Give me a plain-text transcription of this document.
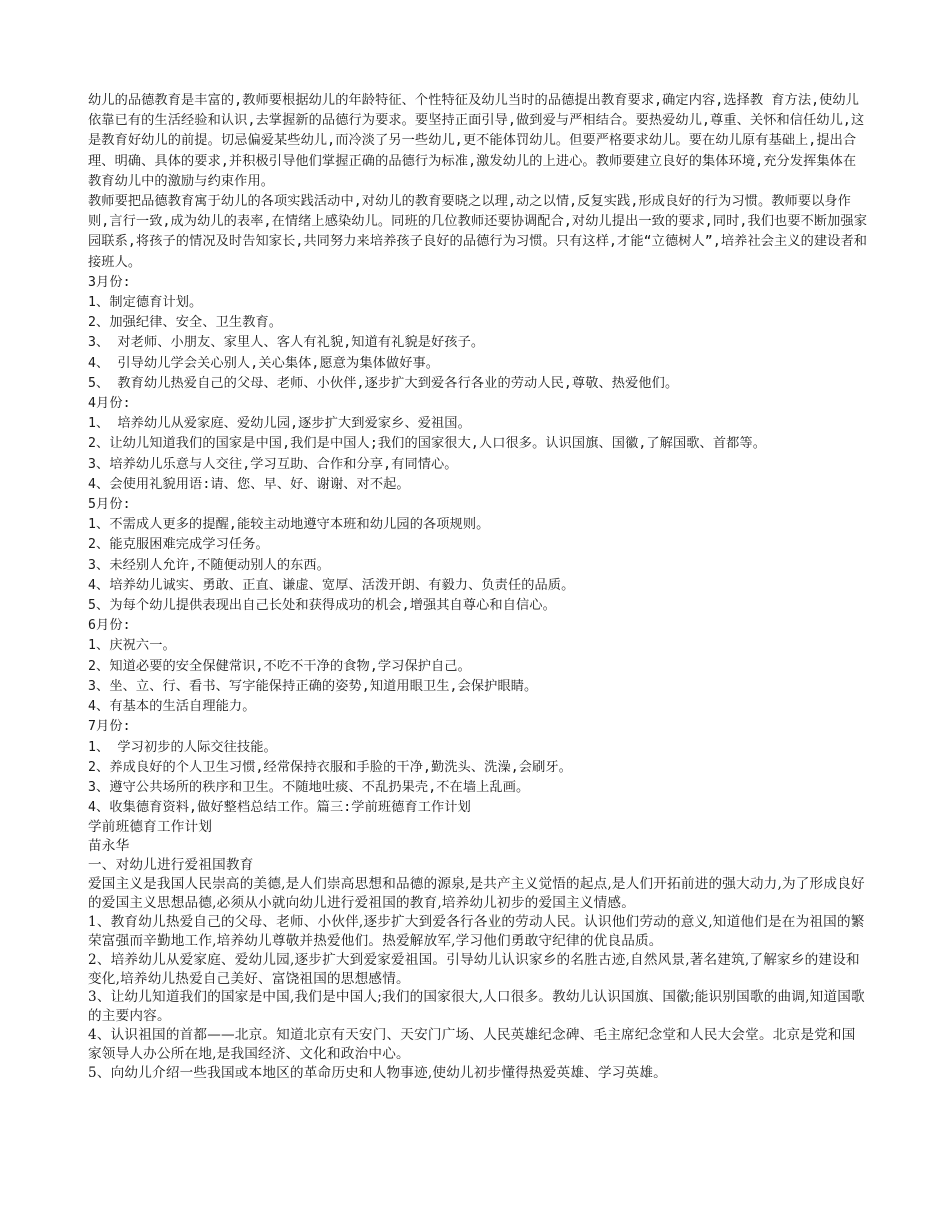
幼儿的品德教育是丰富的,教师要根据幼儿的年龄特征、个性特征及幼儿当时的品德提出教育要求,确定内容,选择教 育方法,使幼儿依靠已有的生活经验和认识,去掌握新的品德行为要求。要坚持正面引导,做到爱与严相结合。要热爱幼儿,尊重、关怀和信任幼儿,这是教育好幼儿的前提。切忌偏爱某些幼儿,而冷淡了另一些幼儿,更不能体罚幼儿。但要严格要求幼儿。要在幼儿原有基础上,提出合理、明确、具体的要求,并积极引导他们掌握正确的品德行为标准,激发幼儿的上进心。教师要建立良好的集体环境,充分发挥集体在教育幼儿中的激励与约束作用。

教师要把品德教育寓于幼儿的各项实践活动中,对幼儿的教育要晓之以理,动之以情,反复实践,形成良好的行为习惯。教师要以身作则,言行一致,成为幼儿的表率,在情绪上感染幼儿。同班的几位教师还要协调配合,对幼儿提出一致的要求,同时,我们也要不断加强家园联系,将孩子的情况及时告知家长,共同努力来培养孩子良好的品德行为习惯。只有这样,才能“立德树人”,培养社会主义的建设者和接班人。

3月份:

1、制定德育计划。

2、加强纪律、安全、卫生教育。

3、 对老师、小朋友、家里人、客人有礼貌,知道有礼貌是好孩子。

4、 引导幼儿学会关心别人,关心集体,愿意为集体做好事。

5、 教育幼儿热爱自己的父母、老师、小伙伴,逐步扩大到爱各行各业的劳动人民,尊敬、热爱他们。

4月份:

1、 培养幼儿从爱家庭、爱幼儿园,逐步扩大到爱家乡、爱祖国。

2、让幼儿知道我们的国家是中国,我们是中国人;我们的国家很大,人口很多。认识国旗、国徽,了解国歌、首都等。

3、培养幼儿乐意与人交往,学习互助、合作和分享,有同情心。

4、会使用礼貌用语:请、您、早、好、谢谢、对不起。

5月份:

1、不需成人更多的提醒,能较主动地遵守本班和幼儿园的各项规则。

2、能克服困难完成学习任务。

3、未经别人允许,不随便动别人的东西。

4、培养幼儿诚实、勇敢、正直、谦虚、宽厚、活泼开朗、有毅力、负责任的品质。

5、为每个幼儿提供表现出自己长处和获得成功的机会,增强其自尊心和自信心。

6月份:

1、庆祝六一。

2、知道必要的安全保健常识,不吃不干净的食物,学习保护自己。

3、坐、立、行、看书、写字能保持正确的姿势,知道用眼卫生,会保护眼睛。

4、有基本的生活自理能力。

7月份:

1、 学习初步的人际交往技能。

2、养成良好的个人卫生习惯,经常保持衣服和手脸的干净,勤洗头、洗澡,会刷牙。

3、遵守公共场所的秩序和卫生。不随地吐痰、不乱扔果壳,不在墙上乱画。

4、收集德育资料,做好整档总结工作。篇三:学前班德育工作计划

学前班德育工作计划

苗永华

一、对幼儿进行爱祖国教育

爱国主义是我国人民崇高的美德,是人们崇高思想和品德的源泉,是共产主义觉悟的起点,是人们开拓前进的强大动力,为了形成良好的爱国主义思想品德,必须从小就向幼儿进行爱祖国的教育,培养幼儿初步的爱国主义情感。

1、教育幼儿热爱自己的父母、老师、小伙伴,逐步扩大到爱各行各业的劳动人民。认识他们劳动的意义,知道他们是在为祖国的繁荣富强而辛勤地工作,培养幼儿尊敬并热爱他们。热爱解放军,学习他们勇敢守纪律的优良品质。

2、培养幼儿从爱家庭、爱幼儿园,逐步扩大到爱家爱祖国。引导幼儿认识家乡的名胜古迹,自然风景,著名建筑,了解家乡的建设和变化,培养幼儿热爱自己美好、富饶祖国的思想感情。

3、让幼儿知道我们的国家是中国,我们是中国人;我们的国家很大,人口很多。教幼儿认识国旗、国徽;能识别国歌的曲调,知道国歌的主要内容。

4、认识祖国的首都——北京。知道北京有天安门、天安门广场、人民英雄纪念碑、毛主席纪念堂和人民大会堂。北京是党和国家领导人办公所在地,是我国经济、文化和政治中心。

5、向幼儿介绍一些我国或本地区的革命历史和人物事迹,使幼儿初步懂得热爱英雄、学习英雄。
